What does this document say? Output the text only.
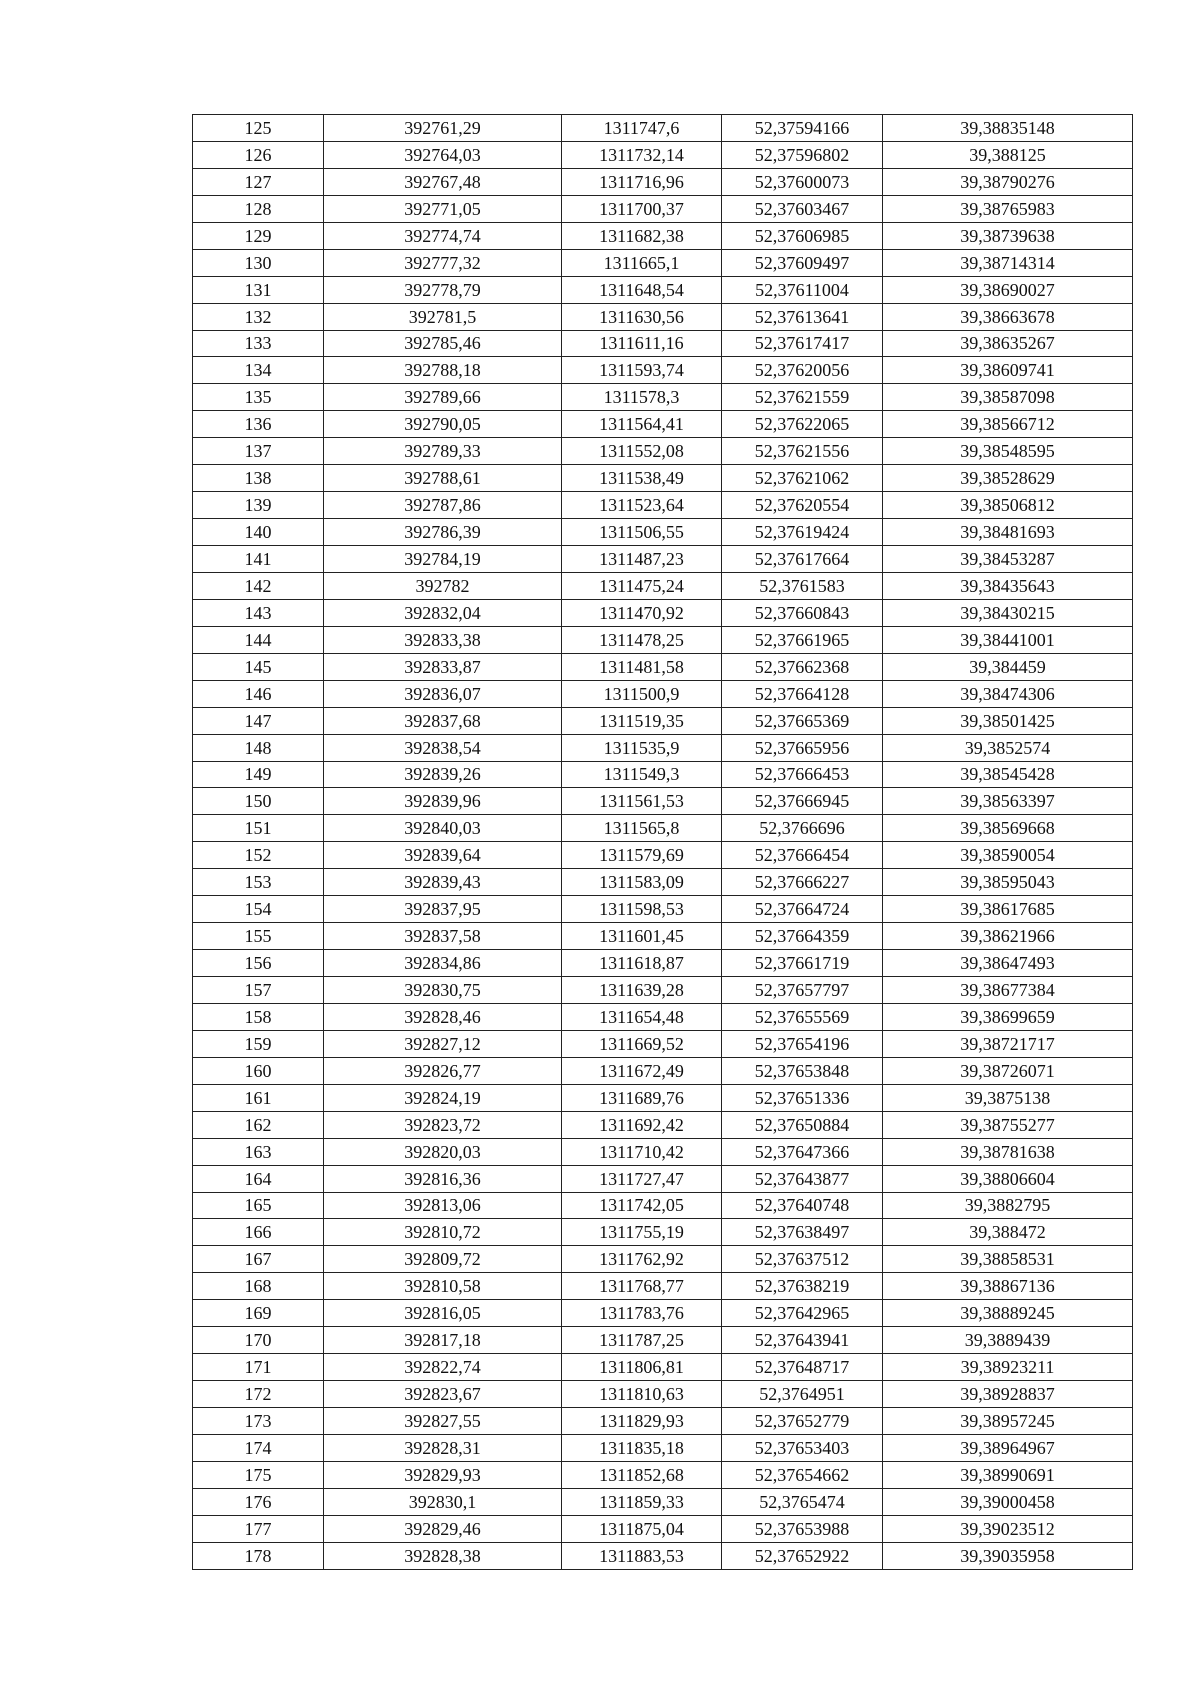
125	392761,29	1311747,6	52,37594166	39,38835148
126	392764,03	1311732,14	52,37596802	39,388125
127	392767,48	1311716,96	52,37600073	39,38790276
128	392771,05	1311700,37	52,37603467	39,38765983
129	392774,74	1311682,38	52,37606985	39,38739638
130	392777,32	1311665,1	52,37609497	39,38714314
131	392778,79	1311648,54	52,37611004	39,38690027
132	392781,5	1311630,56	52,37613641	39,38663678
133	392785,46	1311611,16	52,37617417	39,38635267
134	392788,18	1311593,74	52,37620056	39,38609741
135	392789,66	1311578,3	52,37621559	39,38587098
136	392790,05	1311564,41	52,37622065	39,38566712
137	392789,33	1311552,08	52,37621556	39,38548595
138	392788,61	1311538,49	52,37621062	39,38528629
139	392787,86	1311523,64	52,37620554	39,38506812
140	392786,39	1311506,55	52,37619424	39,38481693
141	392784,19	1311487,23	52,37617664	39,38453287
142	392782	1311475,24	52,3761583	39,38435643
143	392832,04	1311470,92	52,37660843	39,38430215
144	392833,38	1311478,25	52,37661965	39,38441001
145	392833,87	1311481,58	52,37662368	39,384459
146	392836,07	1311500,9	52,37664128	39,38474306
147	392837,68	1311519,35	52,37665369	39,38501425
148	392838,54	1311535,9	52,37665956	39,3852574
149	392839,26	1311549,3	52,37666453	39,38545428
150	392839,96	1311561,53	52,37666945	39,38563397
151	392840,03	1311565,8	52,3766696	39,38569668
152	392839,64	1311579,69	52,37666454	39,38590054
153	392839,43	1311583,09	52,37666227	39,38595043
154	392837,95	1311598,53	52,37664724	39,38617685
155	392837,58	1311601,45	52,37664359	39,38621966
156	392834,86	1311618,87	52,37661719	39,38647493
157	392830,75	1311639,28	52,37657797	39,38677384
158	392828,46	1311654,48	52,37655569	39,38699659
159	392827,12	1311669,52	52,37654196	39,38721717
160	392826,77	1311672,49	52,37653848	39,38726071
161	392824,19	1311689,76	52,37651336	39,3875138
162	392823,72	1311692,42	52,37650884	39,38755277
163	392820,03	1311710,42	52,37647366	39,38781638
164	392816,36	1311727,47	52,37643877	39,38806604
165	392813,06	1311742,05	52,37640748	39,3882795
166	392810,72	1311755,19	52,37638497	39,388472
167	392809,72	1311762,92	52,37637512	39,38858531
168	392810,58	1311768,77	52,37638219	39,38867136
169	392816,05	1311783,76	52,37642965	39,38889245
170	392817,18	1311787,25	52,37643941	39,3889439
171	392822,74	1311806,81	52,37648717	39,38923211
172	392823,67	1311810,63	52,3764951	39,38928837
173	392827,55	1311829,93	52,37652779	39,38957245
174	392828,31	1311835,18	52,37653403	39,38964967
175	392829,93	1311852,68	52,37654662	39,38990691
176	392830,1	1311859,33	52,3765474	39,39000458
177	392829,46	1311875,04	52,37653988	39,39023512
178	392828,38	1311883,53	52,37652922	39,39035958
